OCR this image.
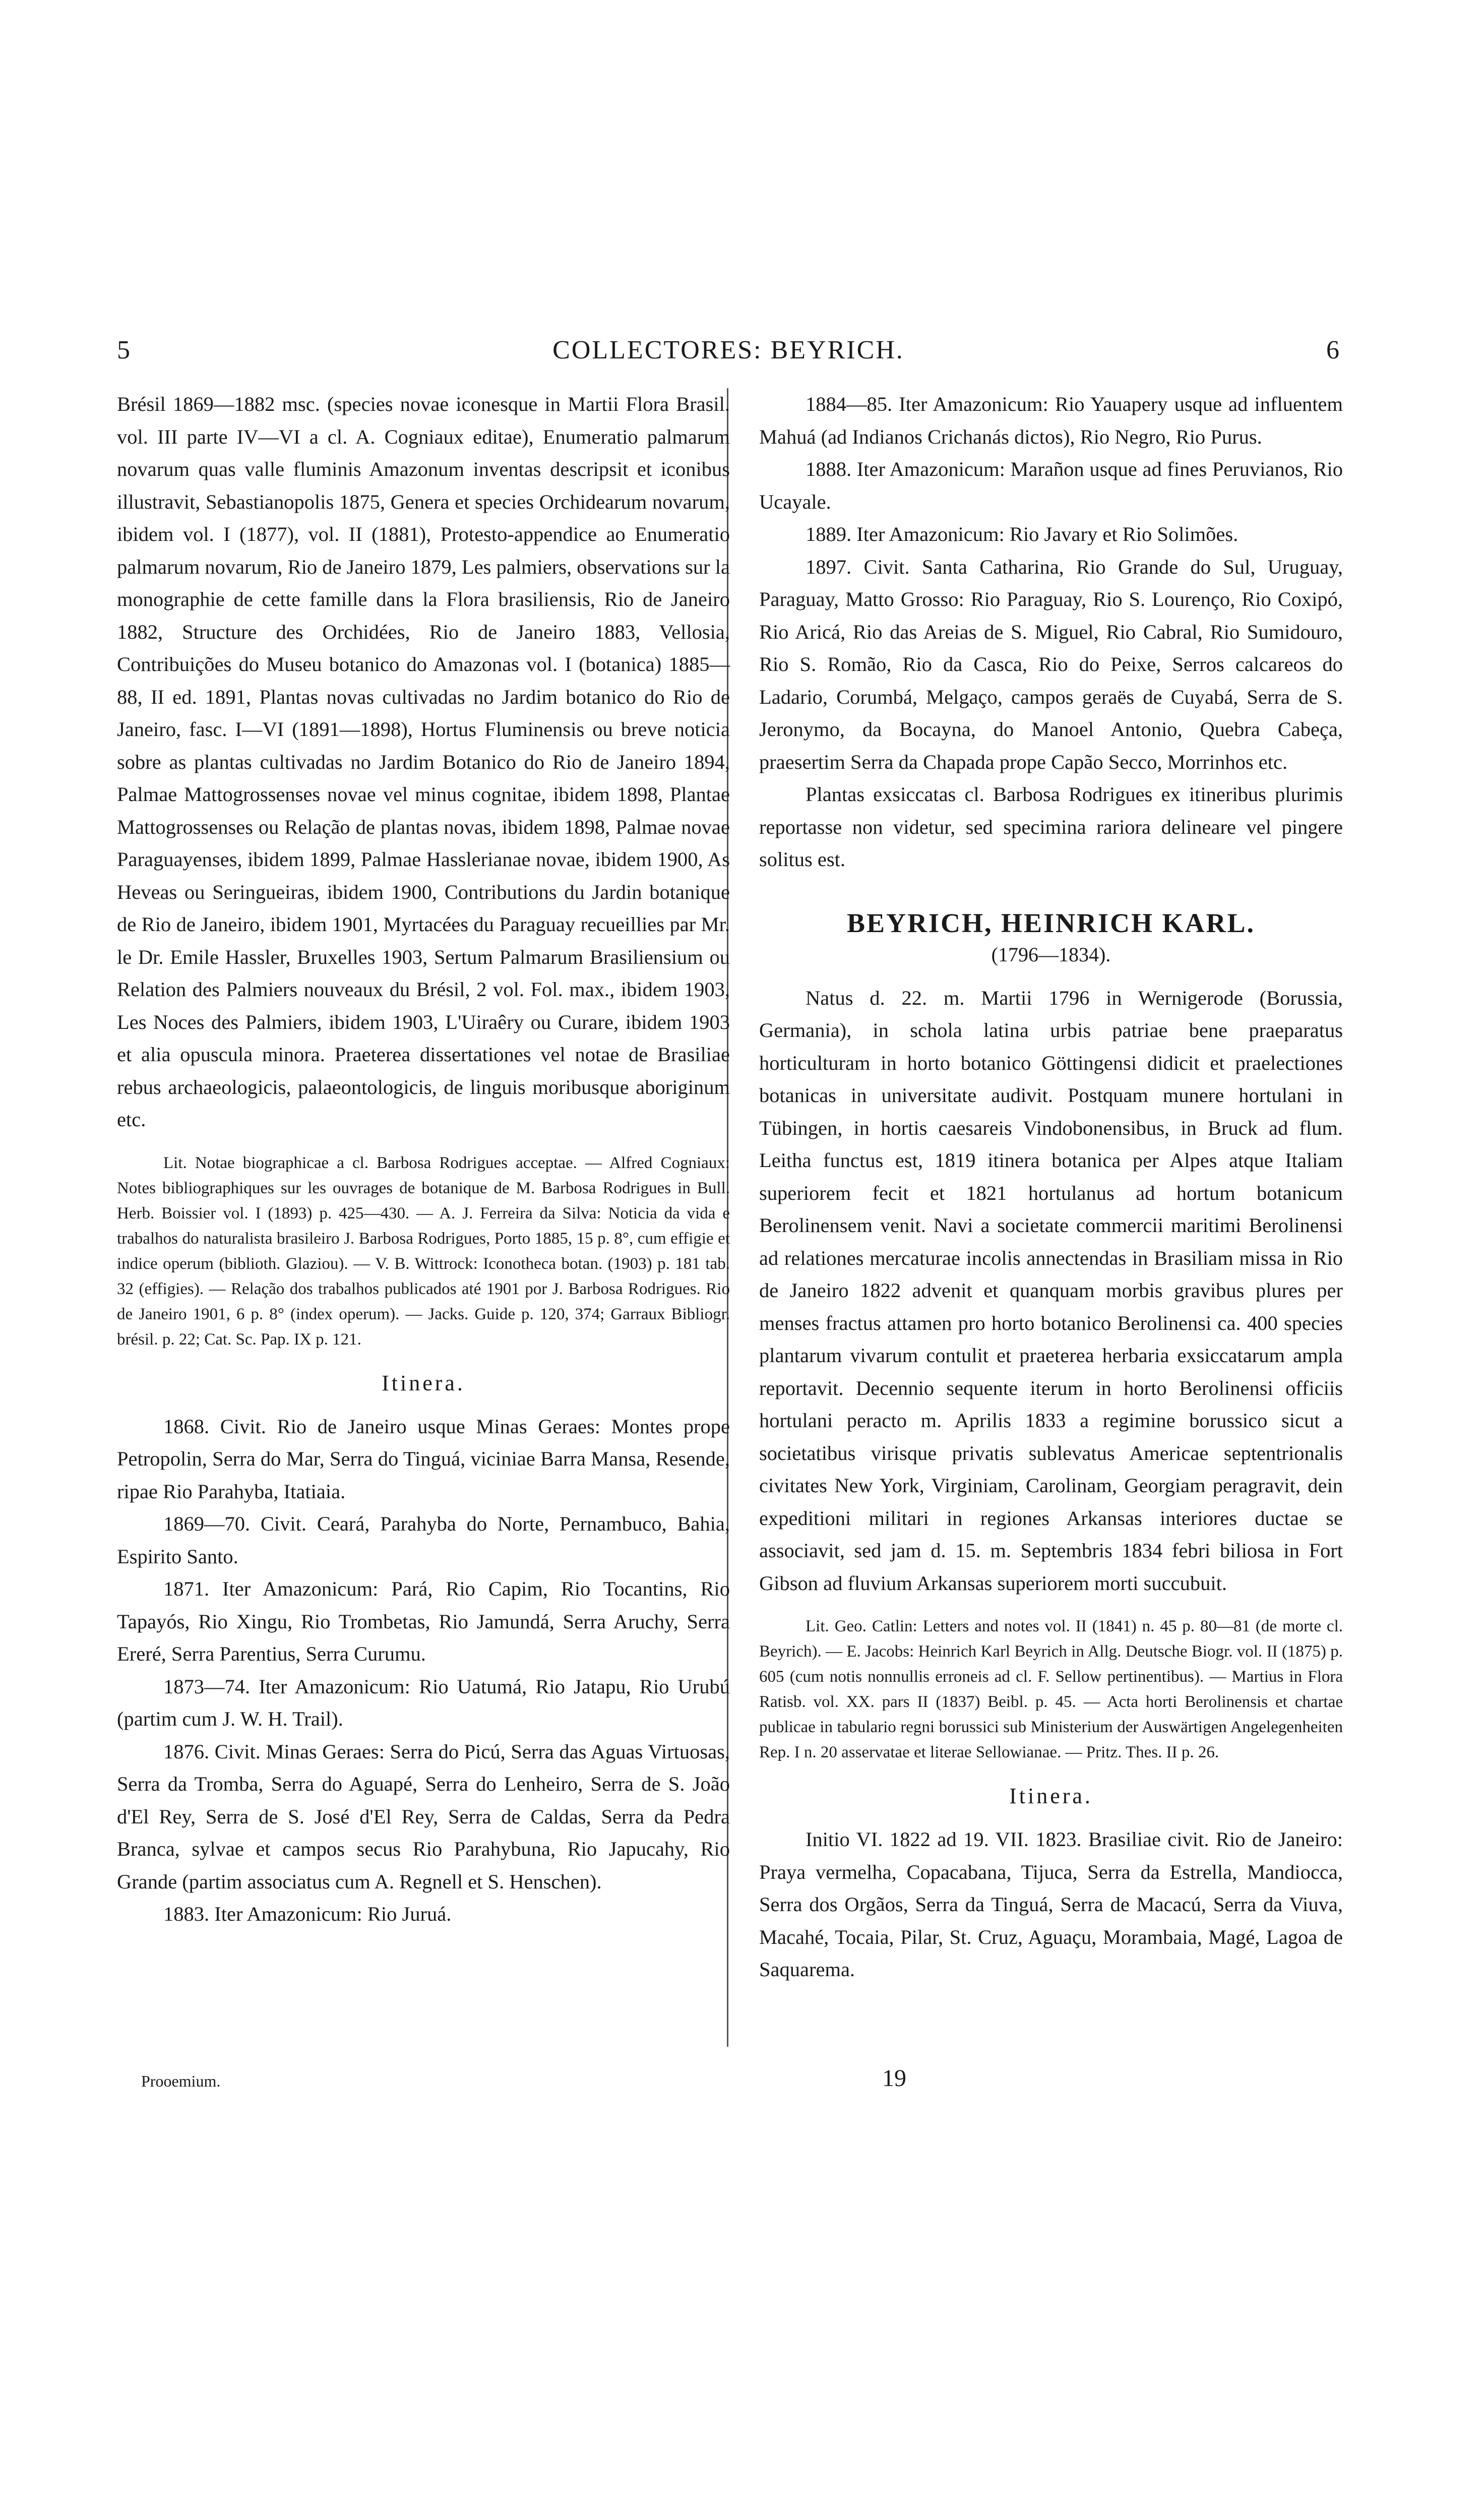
5	COLLECTORES: BEYRICH.	6

Brésil 1869—1882 msc. (species novae iconesque in Martii Flora Brasil. vol. III parte IV—VI a cl. A. Cogniaux editae), Enumeratio palmarum novarum quas valle fluminis Amazonum inventas descripsit et iconibus illustravit, Sebastianopolis 1875, Genera et species Orchidearum novarum, ibidem vol. I (1877), vol. II (1881), Protesto-appendice ao Enumeratio palmarum novarum, Rio de Janeiro 1879, Les palmiers, observations sur la monographie de cette famille dans la Flora brasiliensis, Rio de Janeiro 1882, Structure des Orchidées, Rio de Janeiro 1883, Vellosia, Contribuições do Museu botanico do Amazonas vol. I (botanica) 1885—88, II ed. 1891, Plantas novas cultivadas no Jardim botanico do Rio de Janeiro, fasc. I—VI (1891—1898), Hortus Fluminensis ou breve noticia sobre as plantas cultivadas no Jardim Botanico do Rio de Janeiro 1894, Palmae Mattogrossenses novae vel minus cognitae, ibidem 1898, Plantae Mattogrossenses ou Relação de plantas novas, ibidem 1898, Palmae novae Paraguayenses, ibidem 1899, Palmae Hasslerianae novae, ibidem 1900, As Heveas ou Seringueiras, ibidem 1900, Contributions du Jardin botanique de Rio de Janeiro, ibidem 1901, Myrtacées du Paraguay recueillies par Mr. le Dr. Emile Hassler, Bruxelles 1903, Sertum Palmarum Brasiliensium ou Relation des Palmiers nouveaux du Brésil, 2 vol. Fol. max., ibidem 1903, Les Noces des Palmiers, ibidem 1903, L'Uiraêry ou Curare, ibidem 1903 et alia opuscula minora. Praeterea dissertationes vel notae de Brasiliae rebus archaeologicis, palaeontologicis, de linguis moribusque aboriginum etc.

Lit. Notae biographicae a cl. Barbosa Rodrigues acceptae. — Alfred Cogniaux: Notes bibliographiques sur les ouvrages de botanique de M. Barbosa Rodrigues in Bull. Herb. Boissier vol. I (1893) p. 425—430. — A. J. Ferreira da Silva: Noticia da vida e trabalhos do naturalista brasileiro J. Barbosa Rodrigues, Porto 1885, 15 p. 8°, cum effigie et indice operum (biblioth. Glaziou). — V. B. Wittrock: Iconotheca botan. (1903) p. 181 tab. 32 (effigies). — Relação dos trabalhos publicados até 1901 por J. Barbosa Rodrigues. Rio de Janeiro 1901, 6 p. 8° (index operum). — Jacks. Guide p. 120, 374; Garraux Bibliogr. brésil. p. 22; Cat. Sc. Pap. IX p. 121.

Itinera.

1868. Civit. Rio de Janeiro usque Minas Geraes: Montes prope Petropolin, Serra do Mar, Serra do Tinguá, viciniae Barra Mansa, Resende, ripae Rio Parahyba, Itatiaia.

1869—70. Civit. Ceará, Parahyba do Norte, Pernambuco, Bahia, Espirito Santo.

1871. Iter Amazonicum: Pará, Rio Capim, Rio Tocantins, Rio Tapayós, Rio Xingu, Rio Trombetas, Rio Jamundá, Serra Aruchy, Serra Ereré, Serra Parentius, Serra Curumu.

1873—74. Iter Amazonicum: Rio Uatumá, Rio Jatapu, Rio Urubú (partim cum J. W. H. Trail).

1876. Civit. Minas Geraes: Serra do Picú, Serra das Aguas Virtuosas, Serra da Tromba, Serra do Aguapé, Serra do Lenheiro, Serra de S. João d'El Rey, Serra de S. José d'El Rey, Serra de Caldas, Serra da Pedra Branca, sylvae et campos secus Rio Parahybuna, Rio Japucahy, Rio Grande (partim associatus cum A. Regnell et S. Henschen).

1883. Iter Amazonicum: Rio Juruá.

Prooemium.

1884—85. Iter Amazonicum: Rio Yauapery usque ad influentem Mahuá (ad Indianos Crichanás dictos), Rio Negro, Rio Purus.

1888. Iter Amazonicum: Marañon usque ad fines Peruvianos, Rio Ucayale.

1889. Iter Amazonicum: Rio Javary et Rio Solimões.

1897. Civit. Santa Catharina, Rio Grande do Sul, Uruguay, Paraguay, Matto Grosso: Rio Paraguay, Rio S. Lourenço, Rio Coxipó, Rio Aricá, Rio das Areias de S. Miguel, Rio Cabral, Rio Sumidouro, Rio S. Romão, Rio da Casca, Rio do Peixe, Serros calcareos do Ladario, Corumbá, Melgaço, campos geraës de Cuyabá, Serra de S. Jeronymo, da Bocayna, do Manoel Antonio, Quebra Cabeça, praesertim Serra da Chapada prope Capão Secco, Morrinhos etc.

Plantas exsiccatas cl. Barbosa Rodrigues ex itineribus plurimis reportasse non videtur, sed specimina rariora delineare vel pingere solitus est.

BEYRICH, HEINRICH KARL.
(1796—1834).

Natus d. 22. m. Martii 1796 in Wernigerode (Borussia, Germania), in schola latina urbis patriae bene praeparatus horticulturam in horto botanico Göttingensi didicit et praelectiones botanicas in universitate audivit. Postquam munere hortulani in Tübingen, in hortis caesareis Vindobonensibus, in Bruck ad flum. Leitha functus est, 1819 itinera botanica per Alpes atque Italiam superiorem fecit et 1821 hortulanus ad hortum botanicum Berolinensem venit. Navi a societate commercii maritimi Berolinensi ad relationes mercaturae incolis annectendas in Brasiliam missa in Rio de Janeiro 1822 advenit et quanquam morbis gravibus plures per menses fractus attamen pro horto botanico Berolinensi ca. 400 species plantarum vivarum contulit et praeterea herbaria exsiccatarum ampla reportavit. Decennio sequente iterum in horto Berolinensi officiis hortulani peracto m. Aprilis 1833 a regimine borussico sicut a societatibus virisque privatis sublevatus Americae septentrionalis civitates New York, Virginiam, Carolinam, Georgiam peragravit, dein expeditioni militari in regiones Arkansas interiores ductae se associavit, sed jam d. 15. m. Septembris 1834 febri biliosa in Fort Gibson ad fluvium Arkansas superiorem morti succubuit.

Lit. Geo. Catlin: Letters and notes vol. II (1841) n. 45 p. 80—81 (de morte cl. Beyrich). — E. Jacobs: Heinrich Karl Beyrich in Allg. Deutsche Biogr. vol. II (1875) p. 605 (cum notis nonnullis erroneis ad cl. F. Sellow pertinentibus). — Martius in Flora Ratisb. vol. XX. pars II (1837) Beibl. p. 45. — Acta horti Berolinensis et chartae publicae in tabulario regni borussici sub Ministerium der Auswärtigen Angelegenheiten Rep. I n. 20 asservatae et literae Sellowianae. — Pritz. Thes. II p. 26.

Itinera.

Initio VI. 1822 ad 19. VII. 1823. Brasiliae civit. Rio de Janeiro: Praya vermelha, Copacabana, Tijuca, Serra da Estrella, Mandiocca, Serra dos Orgãos, Serra da Tinguá, Serra de Macacú, Serra da Viuva, Macahé, Tocaia, Pilar, St. Cruz, Aguaçu, Morambaia, Magé, Lagoa de Saquarema.

19
